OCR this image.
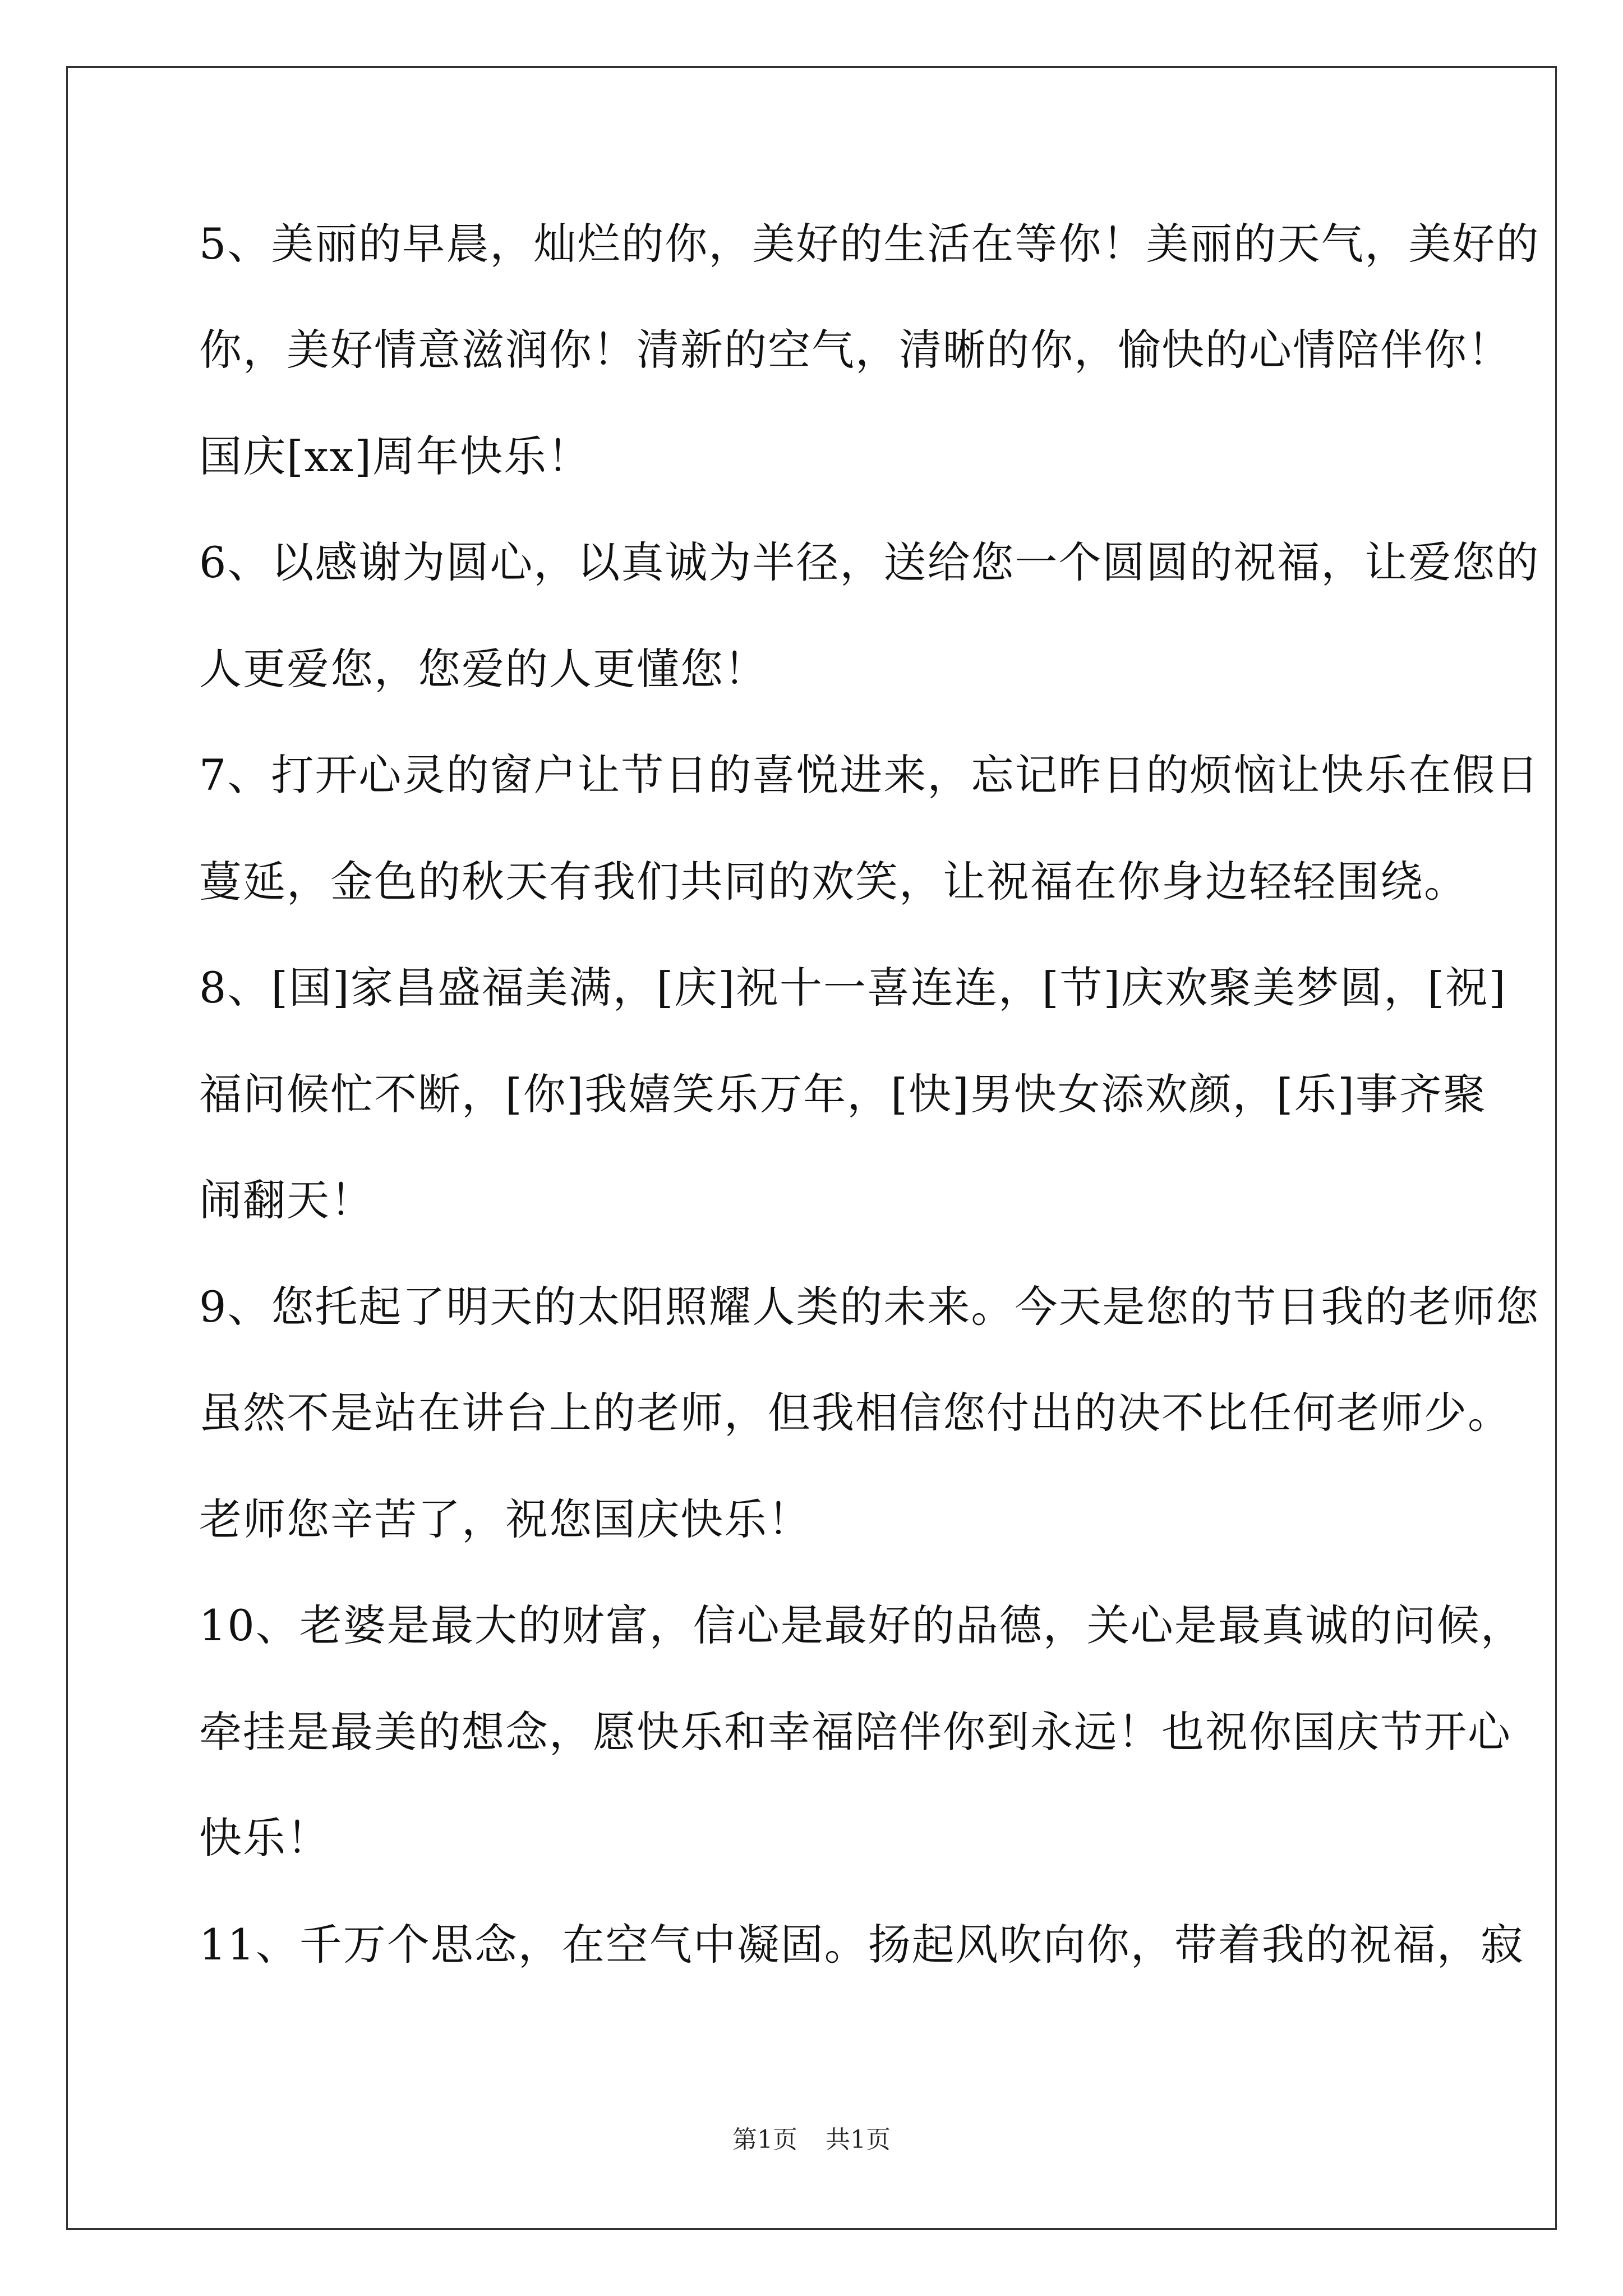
5、美丽的早晨，灿烂的你，美好的生活在等你！美丽的天气，美好的
你，美好情意滋润你！清新的空气，清晰的你，愉快的心情陪伴你！
国庆[xx]周年快乐！
6、以感谢为圆心，以真诚为半径，送给您一个圆圆的祝福，让爱您的
人更爱您，您爱的人更懂您！
7、打开心灵的窗户让节日的喜悦进来，忘记昨日的烦恼让快乐在假日
蔓延，金色的秋天有我们共同的欢笑，让祝福在你身边轻轻围绕。
8、[国]家昌盛福美满，[庆]祝十一喜连连，[节]庆欢聚美梦圆，[祝]
福问候忙不断，[你]我嬉笑乐万年，[快]男快女添欢颜，[乐]事齐聚
闹翻天！
9、您托起了明天的太阳照耀人类的未来。今天是您的节日我的老师您
虽然不是站在讲台上的老师，但我相信您付出的决不比任何老师少。
老师您辛苦了，祝您国庆快乐！
10、老婆是最大的财富，信心是最好的品德，关心是最真诚的问候，
牵挂是最美的想念，愿快乐和幸福陪伴你到永远！也祝你国庆节开心
快乐！
11、千万个思念，在空气中凝固。扬起风吹向你，带着我的祝福，寂
第1页 共1页
